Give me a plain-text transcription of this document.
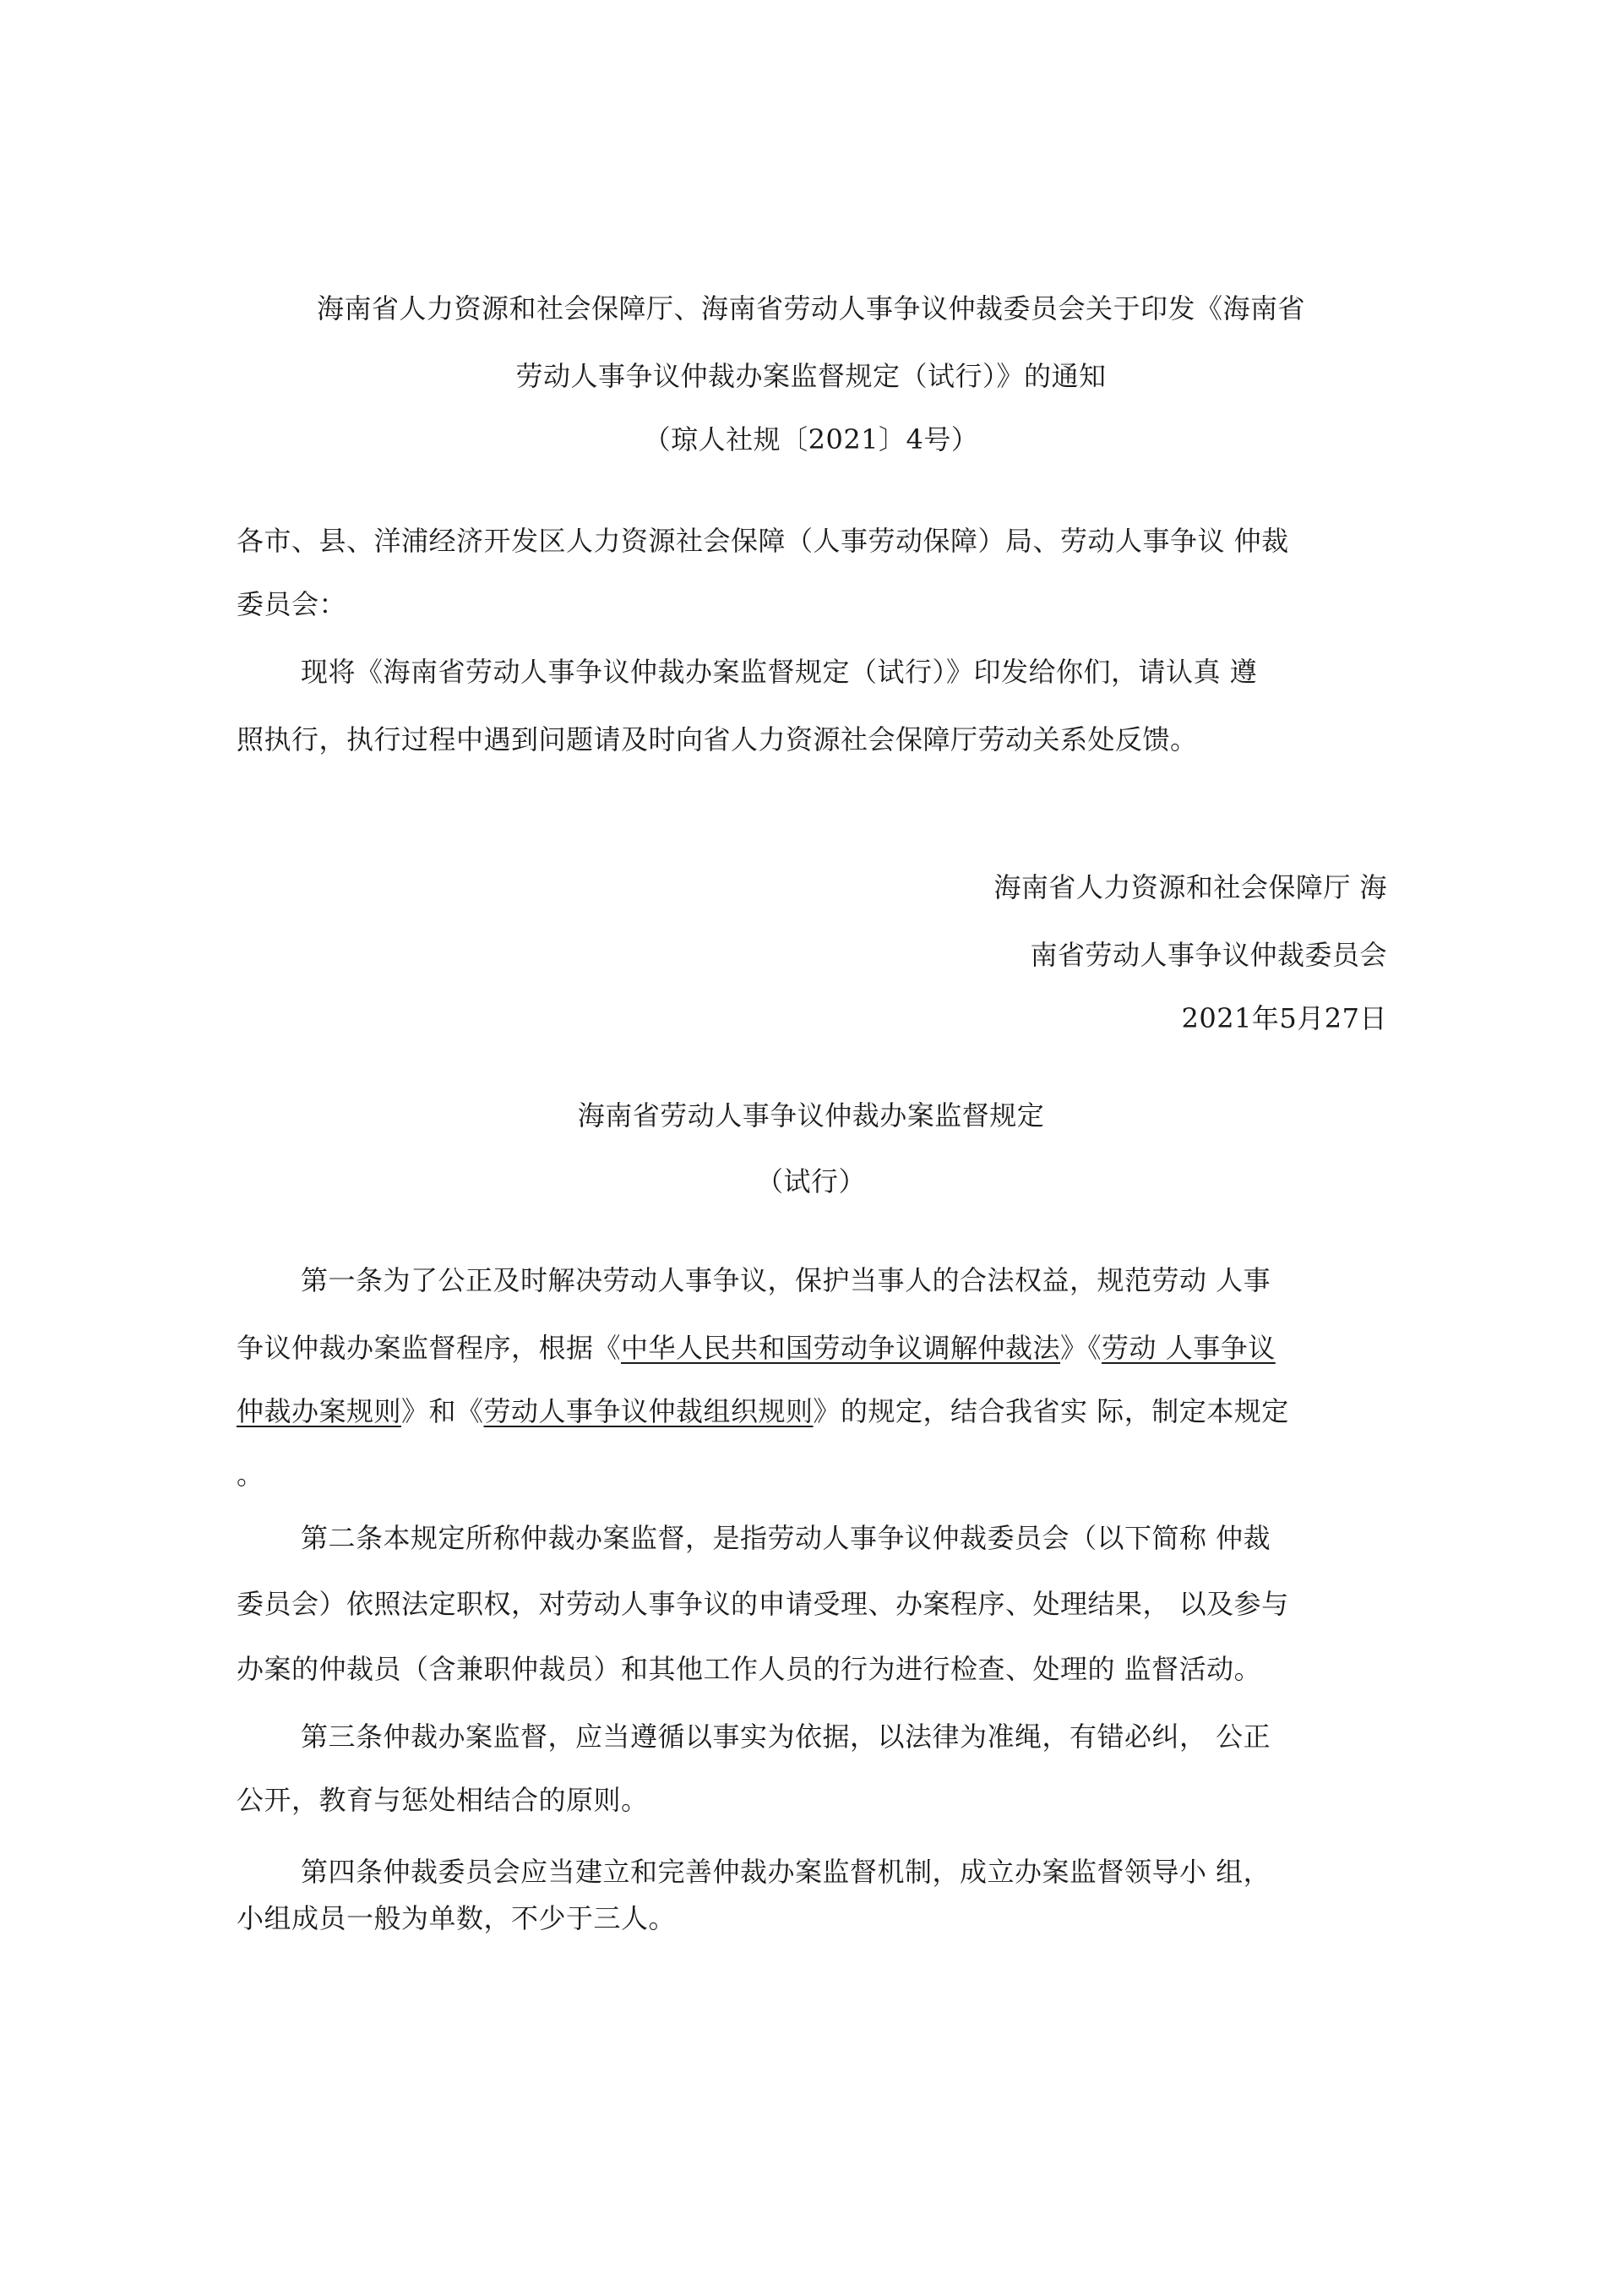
海南省人力资源和社会保障厅、海南省劳动人事争议仲裁委员会关于印发《海南省
劳动人事争议仲裁办案监督规定（试行）》的通知
（琼人社规〔2021〕4号）
各市、县、洋浦经济开发区人力资源社会保障（人事劳动保障）局、劳动人事争议 仲裁
委员会：
现将《海南省劳动人事争议仲裁办案监督规定（试行）》印发给你们，请认真 遵
照执行，执行过程中遇到问题请及时向省人力资源社会保障厅劳动关系处反馈。
海南省人力资源和社会保障厅 海
南省劳动人事争议仲裁委员会
2021年5月27日
海南省劳动人事争议仲裁办案监督规定
（试行）
第一条为了公正及时解决劳动人事争议，保护当事人的合法权益，规范劳动 人事
争议仲裁办案监督程序，根据《中华人民共和国劳动争议调解仲裁法》《劳动 人事争议
仲裁办案规则》和《劳动人事争议仲裁组织规则》的规定，结合我省实 际，制定本规定
。
第二条本规定所称仲裁办案监督，是指劳动人事争议仲裁委员会（以下简称 仲裁
委员会）依照法定职权，对劳动人事争议的申请受理、办案程序、处理结果， 以及参与
办案的仲裁员（含兼职仲裁员）和其他工作人员的行为进行检查、处理的 监督活动。
第三条仲裁办案监督，应当遵循以事实为依据，以法律为准绳，有错必纠， 公正
公开，教育与惩处相结合的原则。
第四条仲裁委员会应当建立和完善仲裁办案监督机制，成立办案监督领导小 组，
小组成员一般为单数，不少于三人。
